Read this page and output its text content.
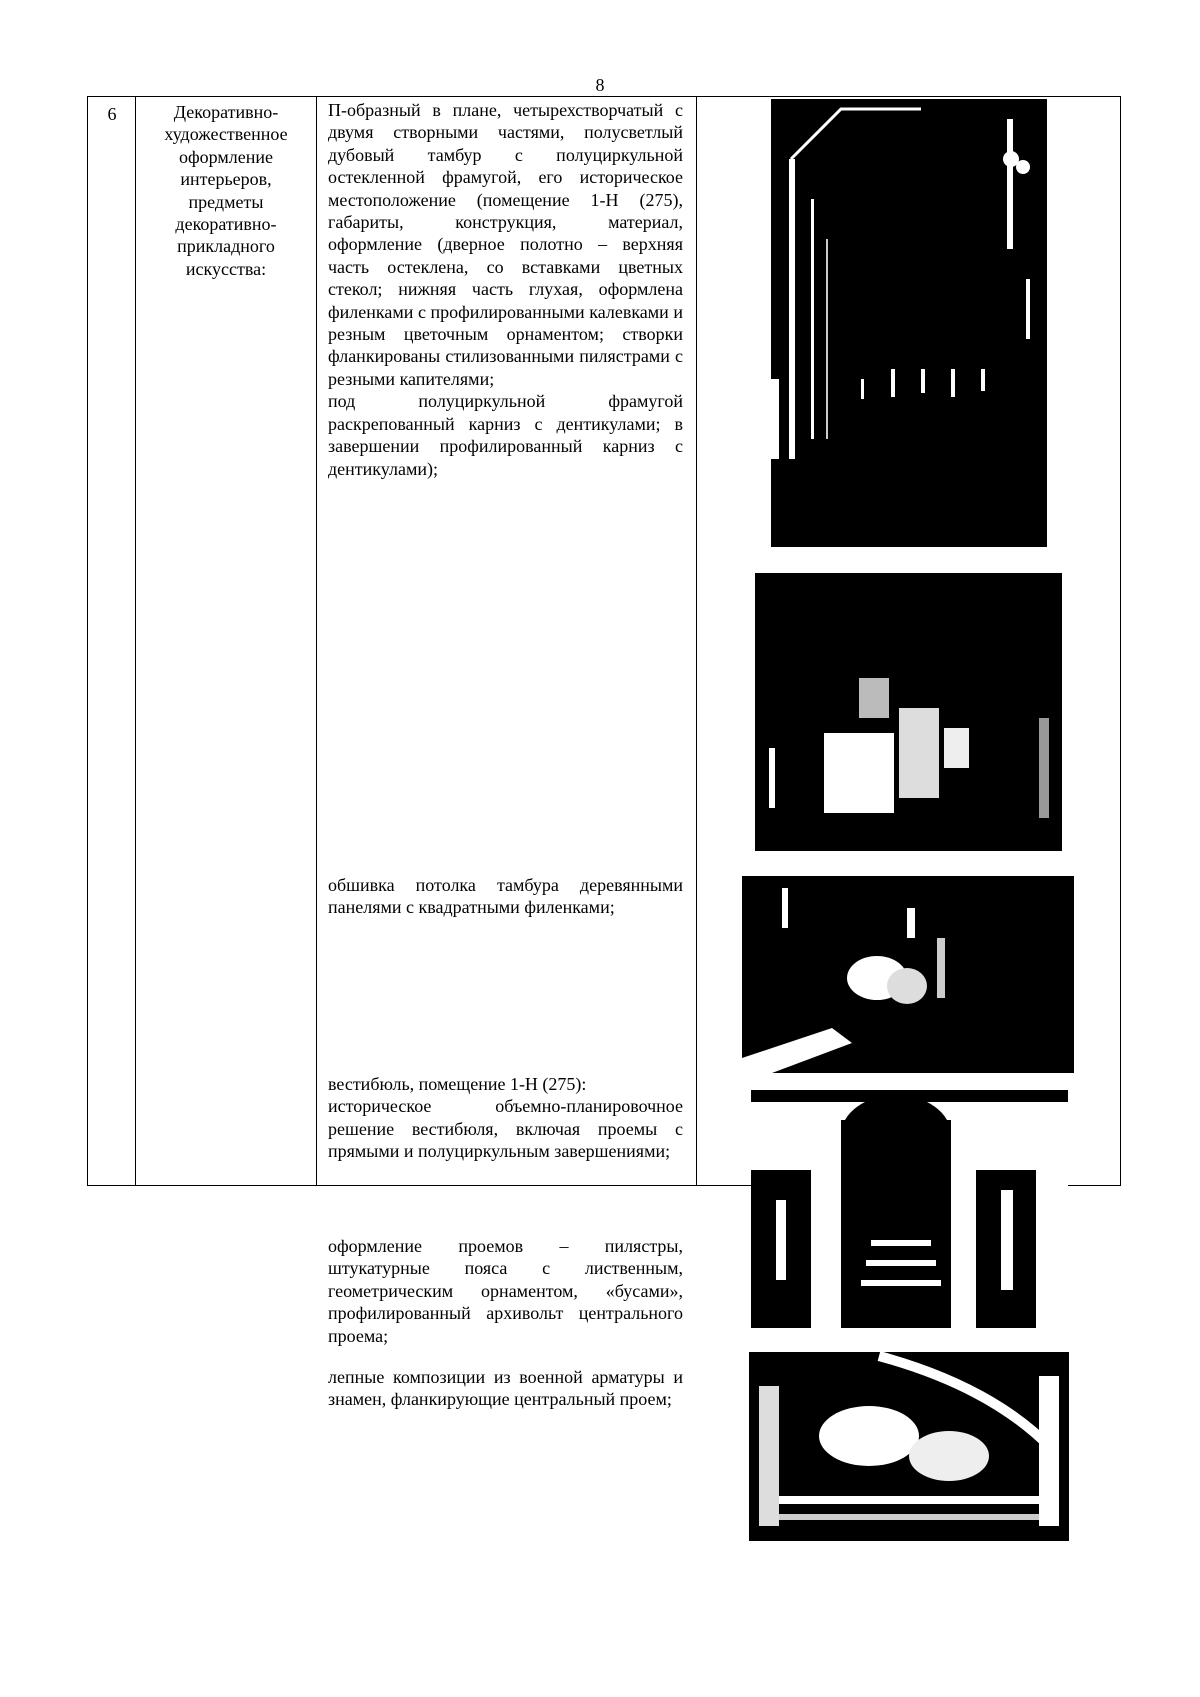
8
6	Декоративно-
художественное
оформление
интерьеров,
предметы
декоративно-
прикладного
искусства:
П-образный в плане, четырехстворчатый с двумя створными частями, полусветлый дубовый тамбур с полуциркульной остекленной фрамугой, его историческое местоположение (помещение 1-Н (275), габариты, конструкция, материал, оформление (дверное полотно – верхняя часть остеклена, со вставками цветных стекол; нижняя часть глухая, оформлена филенками с профилированными калевками и резным цветочным орнаментом; створки фланкированы стилизованными пилястрами с резными капителями;
под полуциркульной фрамугой раскрепованный карниз с дентикулами; в завершении профилированный карниз с дентикулами);
обшивка потолка тамбура деревянными панелями с квадратными филенками;
вестибюль, помещение 1-Н (275):
историческое объемно-планировочное решение вестибюля, включая проемы с прямыми и полуциркульным завершениями;
оформление проемов – пилястры, штукатурные пояса с лиственным, геометрическим орнаментом, «бусами», профилированный архивольт центрального проема;
лепные композиции из военной арматуры и знамен, фланкирующие центральный проем;
